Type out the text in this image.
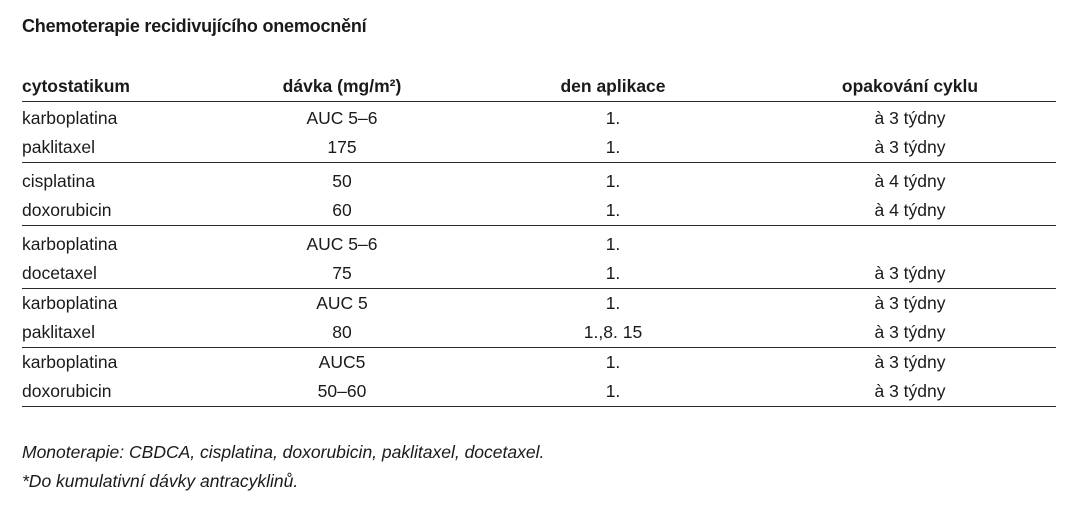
Chemoterapie recidivujícího onemocnění
cytostatikum	dávka (mg/m²)	den aplikace	opakování cyklu
karboplatina	AUC 5–6	1.	à 3 týdny
paklitaxel	175	1.	à 3 týdny
cisplatina	50	1.	à 4 týdny
doxorubicin	60	1.	à 4 týdny
karboplatina	AUC 5–6	1.	
docetaxel	75	1.	à 3 týdny
karboplatina	AUC 5	1.	à 3 týdny
paklitaxel	80	1.,8. 15	à 3 týdny
karboplatina	AUC5	1.	à 3 týdny
doxorubicin	50–60	1.	à 3 týdny
Monoterapie: CBDCA, cisplatina, doxorubicin, paklitaxel, docetaxel.
*Do kumulativní dávky antracyklinů.
